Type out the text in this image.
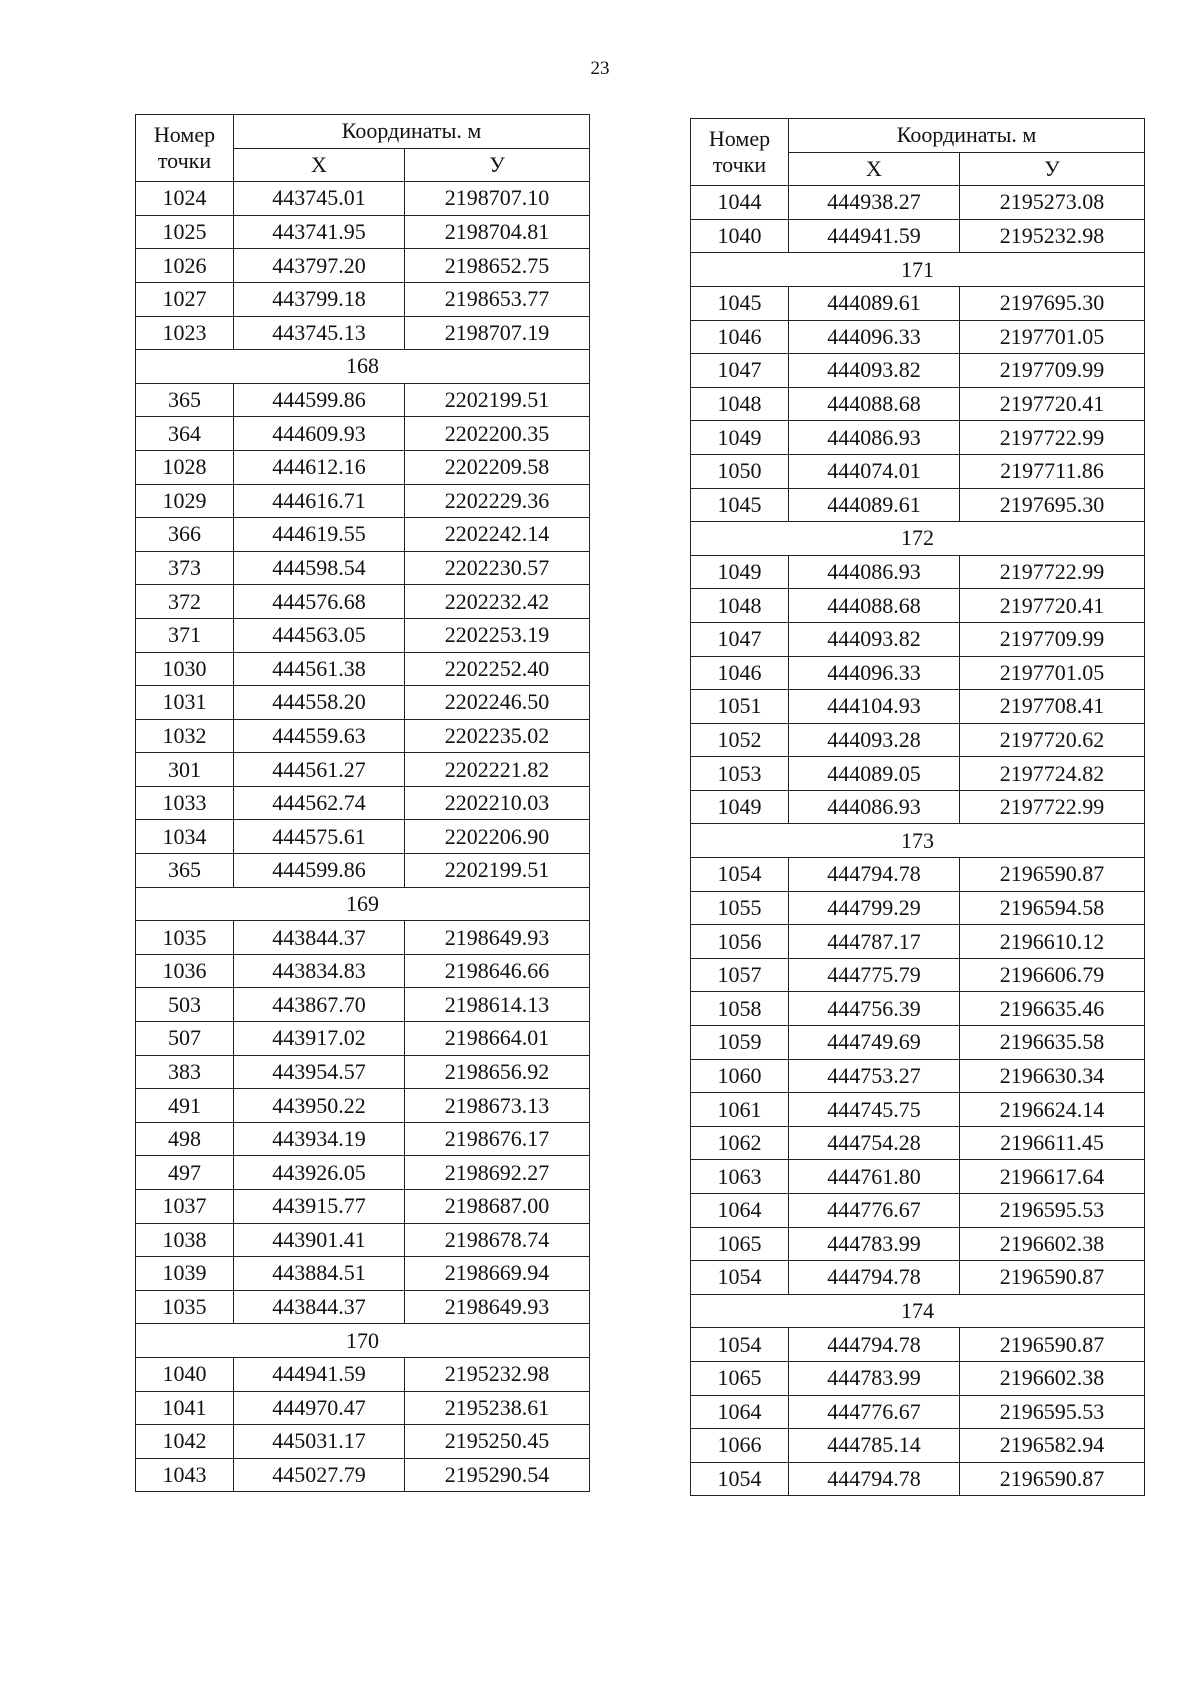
23
Номер точки	Координаты. м	
	X	У
1024	443745.01	2198707.10
1025	443741.95	2198704.81
1026	443797.20	2198652.75
1027	443799.18	2198653.77
1023	443745.13	2198707.19
168		
365	444599.86	2202199.51
364	444609.93	2202200.35
1028	444612.16	2202209.58
1029	444616.71	2202229.36
366	444619.55	2202242.14
373	444598.54	2202230.57
372	444576.68	2202232.42
371	444563.05	2202253.19
1030	444561.38	2202252.40
1031	444558.20	2202246.50
1032	444559.63	2202235.02
301	444561.27	2202221.82
1033	444562.74	2202210.03
1034	444575.61	2202206.90
365	444599.86	2202199.51
169		
1035	443844.37	2198649.93
1036	443834.83	2198646.66
503	443867.70	2198614.13
507	443917.02	2198664.01
383	443954.57	2198656.92
491	443950.22	2198673.13
498	443934.19	2198676.17
497	443926.05	2198692.27
1037	443915.77	2198687.00
1038	443901.41	2198678.74
1039	443884.51	2198669.94
1035	443844.37	2198649.93
170		
1040	444941.59	2195232.98
1041	444970.47	2195238.61
1042	445031.17	2195250.45
1043	445027.79	2195290.54
Номер точки	Координаты. м	
	X	У
1044	444938.27	2195273.08
1040	444941.59	2195232.98
171		
1045	444089.61	2197695.30
1046	444096.33	2197701.05
1047	444093.82	2197709.99
1048	444088.68	2197720.41
1049	444086.93	2197722.99
1050	444074.01	2197711.86
1045	444089.61	2197695.30
172		
1049	444086.93	2197722.99
1048	444088.68	2197720.41
1047	444093.82	2197709.99
1046	444096.33	2197701.05
1051	444104.93	2197708.41
1052	444093.28	2197720.62
1053	444089.05	2197724.82
1049	444086.93	2197722.99
173		
1054	444794.78	2196590.87
1055	444799.29	2196594.58
1056	444787.17	2196610.12
1057	444775.79	2196606.79
1058	444756.39	2196635.46
1059	444749.69	2196635.58
1060	444753.27	2196630.34
1061	444745.75	2196624.14
1062	444754.28	2196611.45
1063	444761.80	2196617.64
1064	444776.67	2196595.53
1065	444783.99	2196602.38
1054	444794.78	2196590.87
174		
1054	444794.78	2196590.87
1065	444783.99	2196602.38
1064	444776.67	2196595.53
1066	444785.14	2196582.94
1054	444794.78	2196590.87
